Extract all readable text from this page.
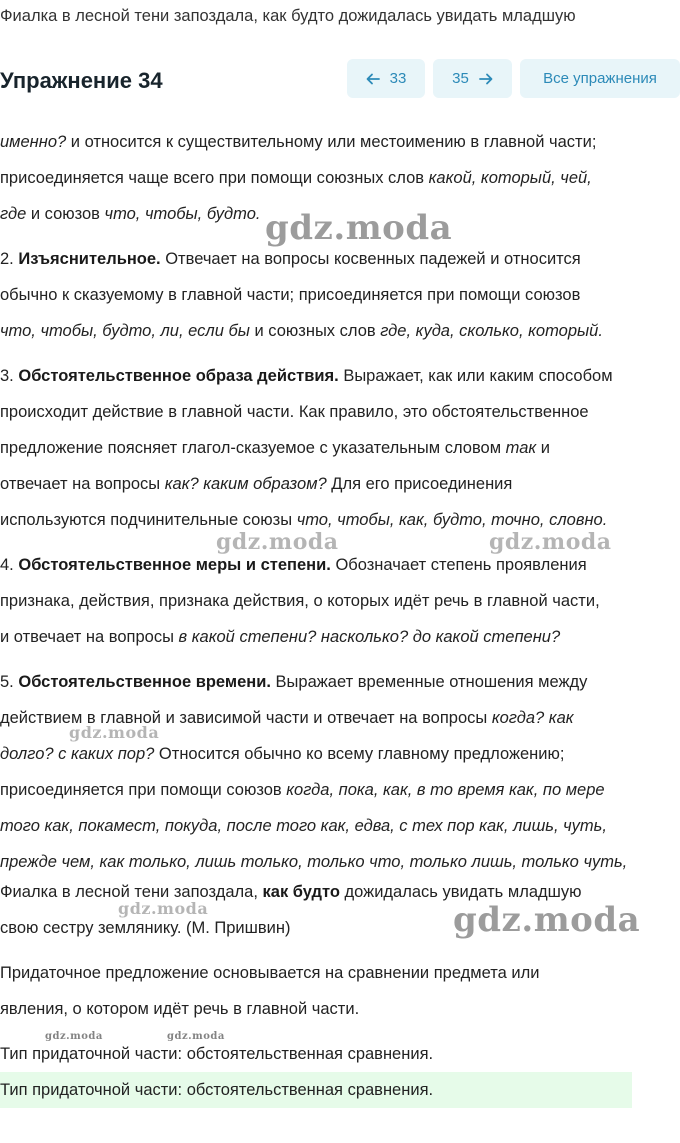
Фиалка в лесной тени запоздала, как будто дожидалась увидать младшую
Упражнение 34	33	35	Все упражнения
именно? и относится к существительному или местоимению в главной части;
присоединяется чаще всего при помощи союзных слов какой, который, чей,
где и союзов что, чтобы, будто.
2. Изъяснительное. Отвечает на вопросы косвенных падежей и относится
обычно к сказуемому в главной части; присоединяется при помощи союзов
что, чтобы, будто, ли, если бы и союзных слов где, куда, сколько, который.
3. Обстоятельственное образа действия. Выражает, как или каким способом
происходит действие в главной части. Как правило, это обстоятельственное
предложение поясняет глагол-сказуемое с указательным словом так и
отвечает на вопросы как? каким образом? Для его присоединения
используются подчинительные союзы что, чтобы, как, будто, точно, словно.
4. Обстоятельственное меры и степени. Обозначает степень проявления
признака, действия, признака действия, о которых идёт речь в главной части,
и отвечает на вопросы в какой степени? насколько? до какой степени?
5. Обстоятельственное времени. Выражает временные отношения между
действием в главной и зависимой части и отвечает на вопросы когда? как
долго? с каких пор? Относится обычно ко всему главному предложению;
присоединяется при помощи союзов когда, пока, как, в то время как, по мере
того как, покамест, покуда, после того как, едва, с тех пор как, лишь, чуть,
прежде чем, как только, лишь только, только что, только лишь, только чуть,
Фиалка в лесной тени запоздала, как будто дожидалась увидать младшую
свою сестру землянику. (М. Пришвин)
Придаточное предложение основывается на сравнении предмета или
явления, о котором идёт речь в главной части.
Тип придаточной части: обстоятельственная сравнения.
Тип придаточной части: обстоятельственная сравнения.
gdz.moda
gdz.moda	gdz.moda
gdz.moda
gdz.moda	gdz.moda
gdz.moda	gdz.moda
